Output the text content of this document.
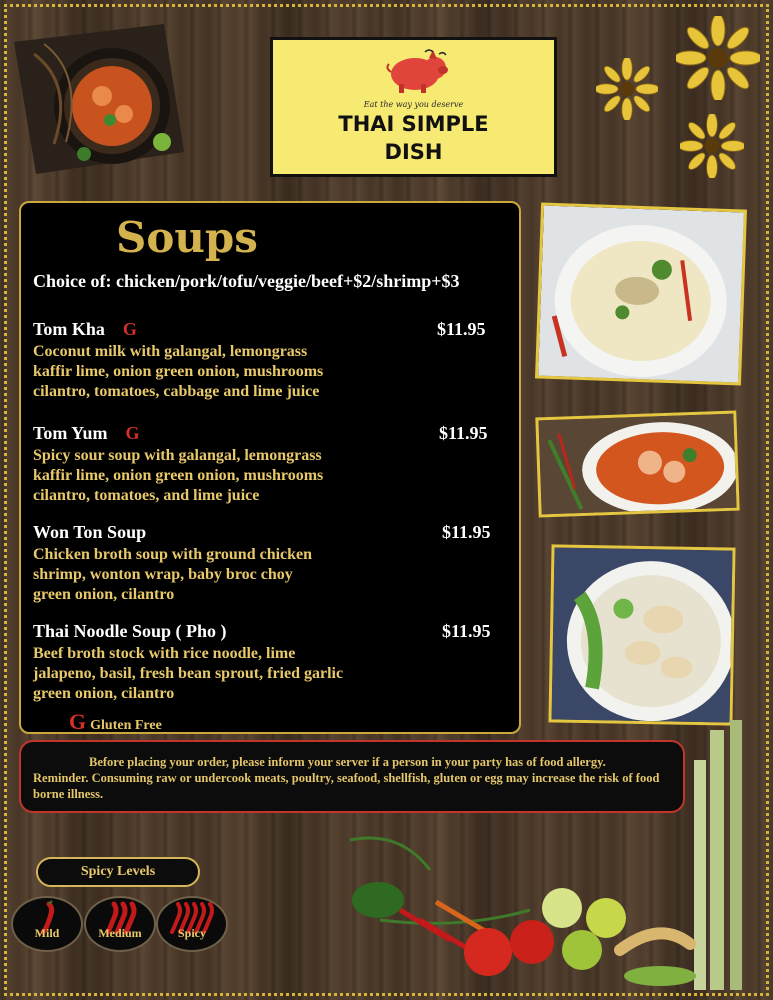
Eat the way you deserve
THAI SIMPLE
DISH
Soups
Choice of: chicken/pork/tofu/veggie/beef+$2/shrimp+$3
Tom Kha G	$11.95
Coconut milk with galangal, lemongrass
kaffir lime, onion green onion, mushrooms
cilantro, tomatoes, cabbage and lime juice
Tom Yum G	$11.95
Spicy sour soup with galangal, lemongrass
kaffir lime, onion green onion, mushrooms
cilantro, tomatoes, and lime juice
Won Ton Soup	$11.95
Chicken broth soup with ground chicken
shrimp, wonton wrap, baby broc choy
green onion, cilantro
Thai Noodle Soup ( Pho )	$11.95
Beef broth stock with rice noodle, lime
jalapeno, basil, fresh bean sprout, fried garlic
green onion, cilantro
G Gluten Free
Before placing your order, please inform your server if a person in your party has of food allergy.
Reminder. Consuming raw or undercook meats, poultry, seafood, shellfish, gluten or egg may increase the risk of food borne illness.
Spicy Levels
Mild	Medium	Spicy
